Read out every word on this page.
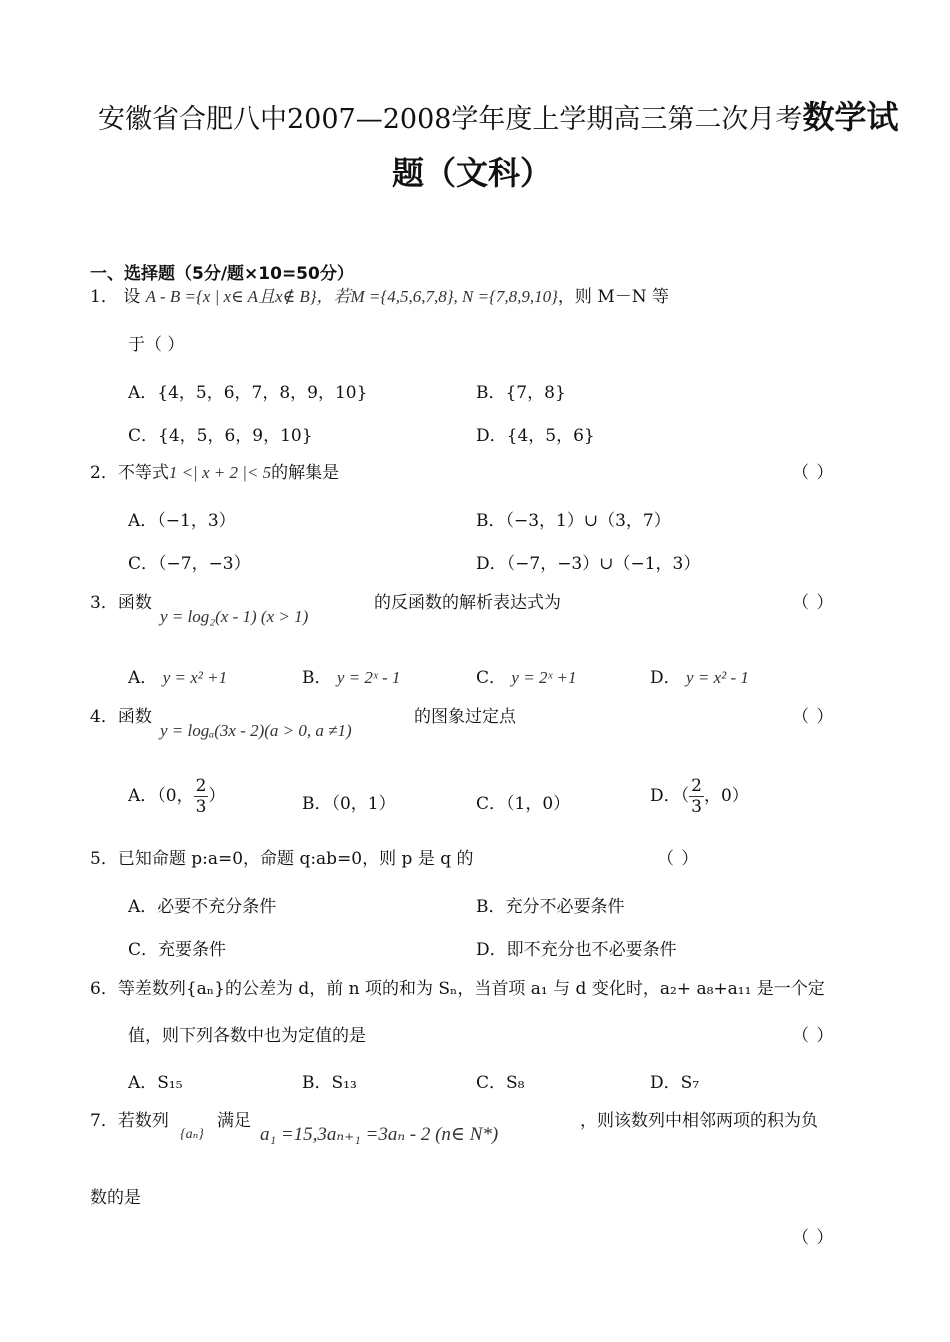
安徽省合肥八中2007—2008学年度上学期高三第二次月考数学试
题（文科）
一、选择题（5分/题×10=50分）
1． 设 A - B ={x | x∈ A且x∉ B}，若M ={4,5,6,7,8}, N ={7,8,9,10}，则 M－N 等
于（ ）
A．{4，5，6，7，8，9，10}	B．{7，8}
C．{4，5，6，9，10}	D．{4，5，6}
2．不等式1 <| x + 2 |< 5的解集是	（ ）
A．（−1，3）	B．（−3，1）∪（3，7）
C．（−7，−3）	D．（−7，−3）∪（−1，3）
3．函数
y = log₂(x - 1) (x > 1)
的反函数的解析表达式为	（ ）
A． y = x² +1	B． y = 2ˣ - 1	C． y = 2ˣ +1	D． y = x² - 1
4．函数
y = logₐ(3x - 2)(a > 0, a ≠1)
的图象过定点	（ ）
A．（0， $\frac{2}{3}$ ）	B．（0，1）	C．（1，0）	D．（ $\frac{2}{3}$ ，0）
5．已知命题 p:a=0，命题 q:ab=0，则 p 是 q 的	（ ）
A．必要不充分条件	B．充分不必要条件
C．充要条件	D．即不充分也不必要条件
6．等差数列{aₙ}的公差为 d，前 n 项的和为 Sₙ，当首项 a₁ 与 d 变化时，a₂+ a₈+a₁₁ 是一个定
值，则下列各数中也为定值的是	（ ）
A．S₁₅	B．S₁₃	C．S₈	D．S₇
7．若数列
{aₙ}
满足
a₁ =15,3aₙ₊₁ =3aₙ - 2 (n∈ N*)
，则该数列中相邻两项的积为负
数的是
（ ）
